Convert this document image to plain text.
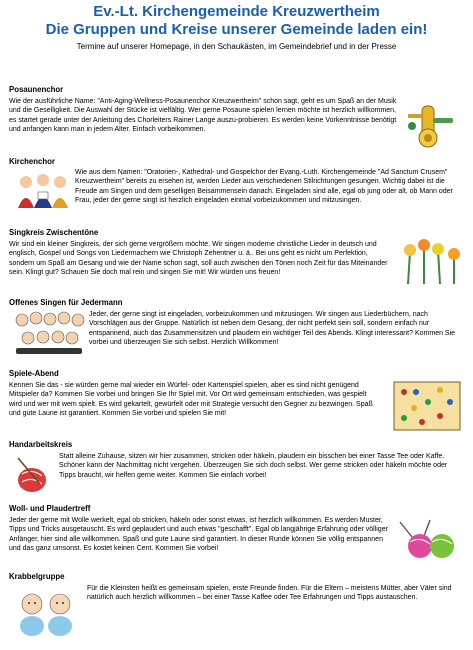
Ev.-Lt. Kirchengemeinde Kreuzwertheim
Die Gruppen und Kreise unserer Gemeinde laden ein!
Termine auf unserer Homepage, in den Schaukästen, im Gemeindebrief und in der Presse
Posaunenchor

Wie der ausführliche Name: "Anti-Aging-Wellness-Posaunenchor Kreuzwertheim" schon sagt, geht es um Spaß an der Musik und die Geselligkeit. Die Auswahl der Stücke ist vielfältig. Wer gerne Posaune spielen lernen möchte ist herzlich willkommen, es startet gerade unter der Anleitung des Chorleiters Rainer Lange auszu-probieren. Es werden keine Vorkenntnisse benötigt und anfangen kann man in jedem Alter. Einfach vorbeikommen.

Kirchenchor

Wie aus dem Namen: "Oratorien-, Kathedral- und Gospelchor der Evang.-Luth. Kirchengemeinde "Ad Sanctum Crusem" Kreuzwertheim" bereits zu ersehen ist, werden Lieder aus verschiedenen Stilrichtungen gesungen. Wichtig dabei ist die Freude am Singen und dem geselligen Beisammensein danach. Eingeladen sind alle, egal ob jung oder alt, ob Mann oder Frau, jeder der gerne singt ist herzlich eingeladen einmal vorbeizukommen und mitzusingen.

Singkreis Zwischentöne

Wir sind ein kleiner Singkreis, der sich gerne vergrößern möchte. Wir singen moderne christliche Lieder in deutsch und englisch, Gospel und Songs von Liedermachern wie Christoph Zehentner u. ä.. Bei uns geht es nicht um Perfektion, sondern um Spaß am Gesang und wie der Name schon sagt, soll auch zwischen den Tönen noch Zeit für das Miteinander sein. Klingt gut? Schauen Sie doch mal rein und singen Sie mit! Wir würden uns freuen!

Offenes Singen für Jedermann

Jeder, der gerne singt ist eingeladen, vorbeizukommen und mitzusingen. Wir singen aus Liederbüchern, nach Vorschlägen aus der Gruppe. Natürlich ist neben dem Gesang, der nicht perfekt sein soll, sondern einfach nur entspannend, auch das Zusammensitzen und plaudern ein wichtiger Teil des Abends. Klingt interessant? Kommen Sie vorbei und überzeugen Sie sich selbst. Herzlich Willkommen!

Spiele-Abend

Kennen Sie das - sie würden gerne mal wieder ein Würfel- oder Kartenspiel spielen, aber es sind nicht genügend Mitspieler da? Kommen Sie vorbei und bringen Sie Ihr Spiel mit. Vor Ort wird gemeinsam entschieden, was gespielt wird und wer mit wem spielt. Es wird gekartelt, gewürfelt oder mit Strategie versucht den Gegner zu bezwingen. Spaß und gute Laune ist garantiert. Kommen Sie vorbei und spielen Sie mit!

Handarbeitskreis

Statt alleine Zuhause, sitzen wir hier zusammen, stricken oder häkeln, plaudern ein bisschen bei einer Tasse Tee oder Kaffe. Schöner kann der Nachmittag nicht vergehen. Überzeugen Sie sich doch selbst. Wer gerne stricken oder häkeln möchte oder Tipps braucht, wir helfen gerne weiter. Kommen Sie einfach vorbei!

Woll- und Plaudertreff

Jeder der gerne mit Wolle werkelt, egal ob stricken, häkeln oder sonst etwas, ist herzlich willkommen. Es werden Muster, Tipps und Tricks ausgetauscht. Es wird geplaudert und auch etwas "geschafft". Egal ob langjährige Erfahrung oder völliger Anfänger, hier sind alle willkommen. Spaß und gute Laune sind garantiert. In dieser Runde können Sie völlig entspannen und das ganz umsonst. Es kostet keinen Cent. Kommen Sie vorbei!

Krabbelgruppe

Für die Kleinsten heißt es gemeinsam spielen, erste Freunde finden. Für die Eltern – meistens Mütter, aber Väter sind natürlich auch herzlich willkommen – bei einer Tasse Kaffee oder Tee Erfahrungen und Tipps austauschen.
